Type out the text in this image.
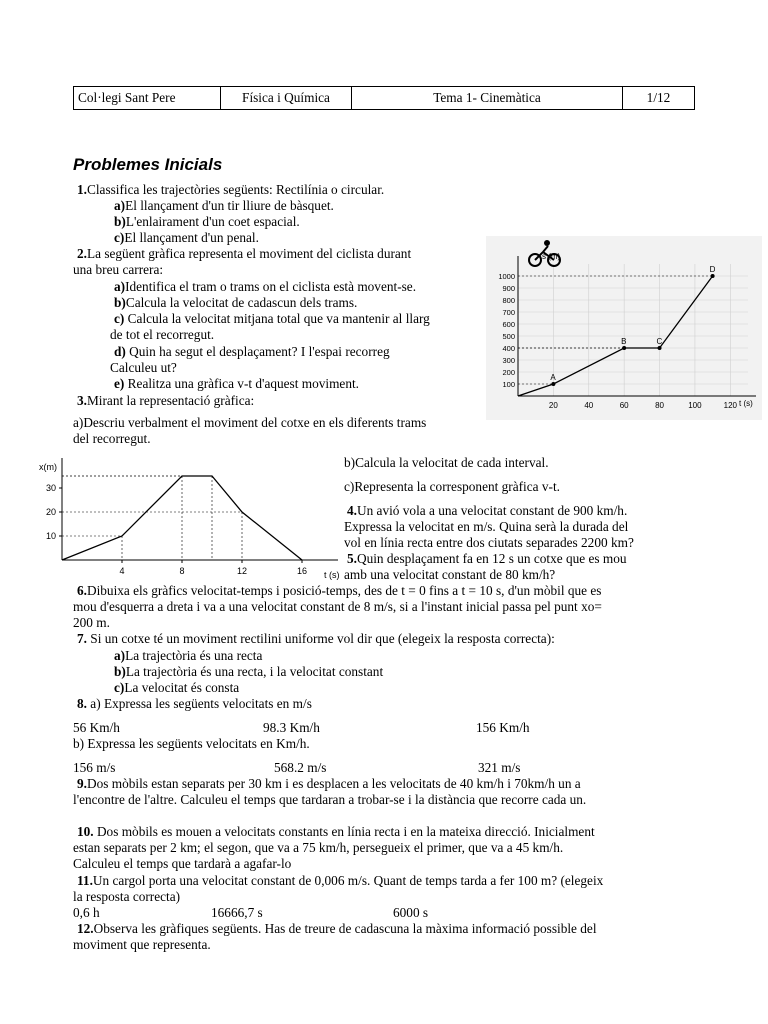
Col·legi Sant Pere	Física i Química	Tema 1- Cinemàtica	1/12
Problemes Inicials
1.Classifica les trajectòries següents: Rectilínia o circular.
a)El llançament d'un tir lliure de bàsquet.
b)L'enlairament d'un coet espacial.
c)El llançament d'un penal.
2.La següent gràfica representa el moviment del ciclista durant
una breu carrera:
a)Identifica el tram o trams on el ciclista està movent-se.
b)Calcula la velocitat de cadascun dels trams.
c) Calcula la velocitat mitjana total que va mantenir al llarg
de tot el recorregut.
d) Quin ha segut el desplaçament? I l'espai recorreg
Calculeu ut?
e) Realitza una gràfica v-t d'aquest moviment.	100
200
300
400
500
600
700
800
900
1000
20	40	60	80	100	120
A
B	C
D
s (m)
t (s)
3.Mirant la representació gràfica:
a)Descriu verbalment el moviment del cotxe en els diferents trams
del recorregut.
b)Calcula la velocitat de cada interval.
c)Representa la corresponent gràfica v-t.
10
20
30
4	8	12	16
x(m)
t (s)
4.Un avió vola a una velocitat constant de 900 km/h.
Expressa la velocitat en m/s. Quina serà la durada del
vol en línia recta entre dos ciutats separades 2200 km?
5.Quin desplaçament fa en 12 s un cotxe que es mou
amb una velocitat constant de 80 km/h?
6.Dibuixa els gràfics velocitat-temps i posició-temps, des de t = 0 fins a t = 10 s, d'un mòbil que es
mou d'esquerra a dreta i va a una velocitat constant de 8 m/s, si a l'instant inicial passa pel punt xo=
200 m.
7. Si un cotxe té un moviment rectilini uniforme vol dir que (elegeix la resposta correcta):
a)La trajectòria és una recta
b)La trajectòria és una recta, i la velocitat constant
c)La velocitat és consta
8. a) Expressa les següents velocitats en m/s
56 Km/h	98.3 Km/h	156 Km/h
b) Expressa les següents velocitats en Km/h.
156 m/s	568.2 m/s	321 m/s
9.Dos mòbils estan separats per 30 km i es desplacen a les velocitats de 40 km/h i 70km/h un a
l'encontre de l'altre. Calculeu el temps que tardaran a trobar-se i la distància que recorre cada un.
10. Dos mòbils es mouen a velocitats constants en línia recta i en la mateixa direcció. Inicialment
estan separats per 2 km; el segon, que va a 75 km/h, persegueix el primer, que va a 45 km/h.
Calculeu el temps que tardarà a agafar-lo
11.Un cargol porta una velocitat constant de 0,006 m/s. Quant de temps tarda a fer 100 m? (elegeix
la resposta correcta)
0,6 h	16666,7 s	6000 s
12.Observa les gràfiques següents. Has de treure de cadascuna la màxima informació possible del
moviment que representa.
